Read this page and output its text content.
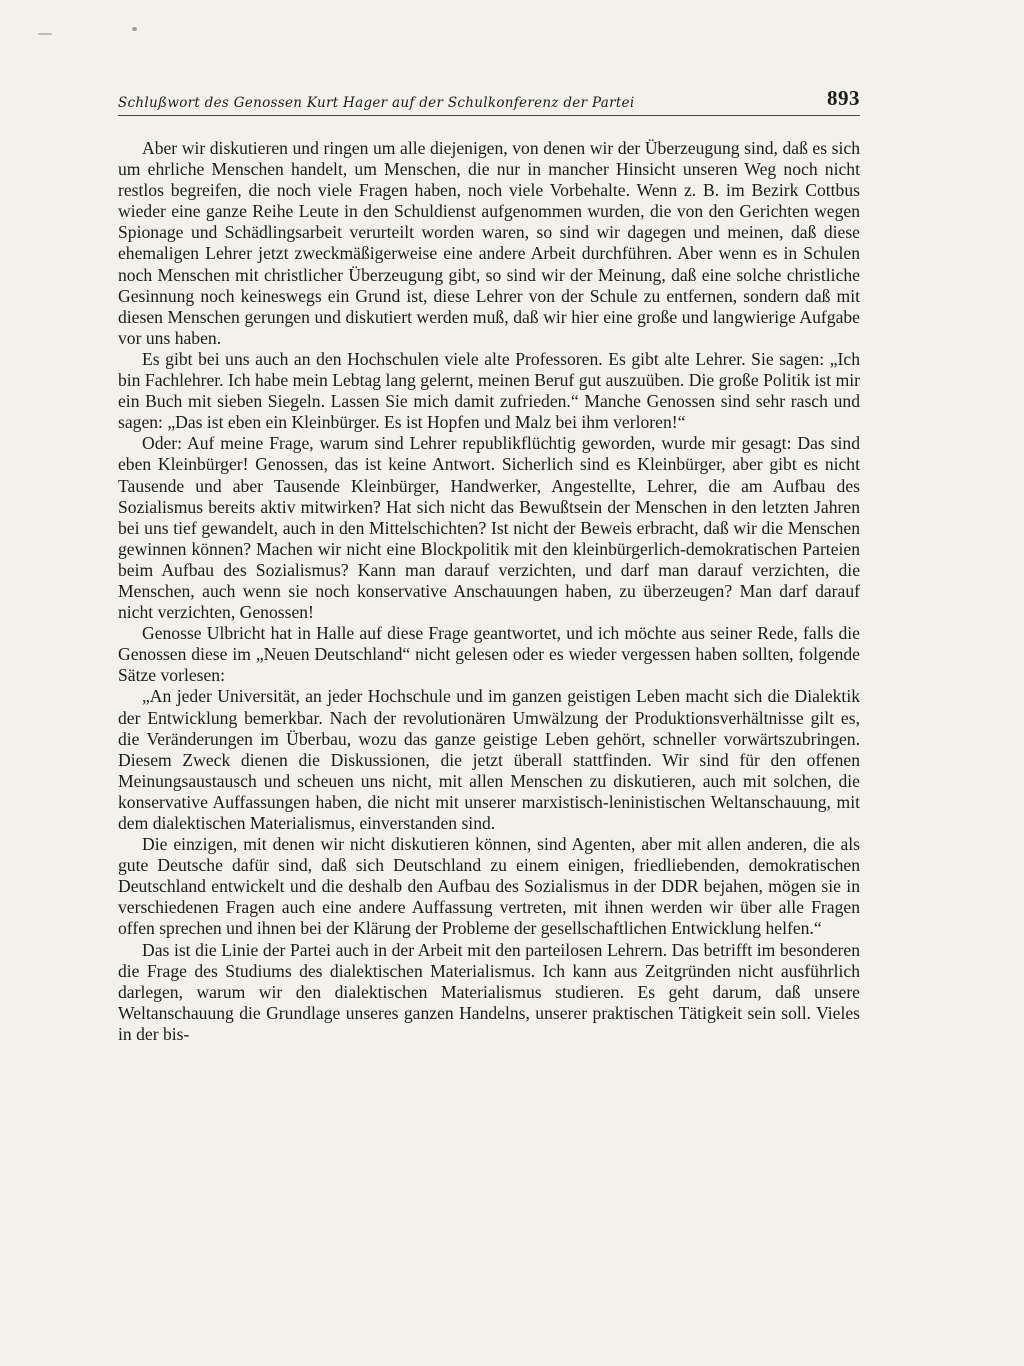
Schlußwort des Genossen Kurt Hager auf der Schulkonferenz der Partei	893

Aber wir diskutieren und ringen um alle diejenigen, von denen wir der Überzeugung sind, daß es sich um ehrliche Menschen handelt, um Menschen, die nur in mancher Hinsicht unseren Weg noch nicht restlos begreifen, die noch viele Fragen haben, noch viele Vorbehalte. Wenn z. B. im Bezirk Cottbus wieder eine ganze Reihe Leute in den Schuldienst aufgenommen wurden, die von den Gerichten wegen Spionage und Schädlingsarbeit verurteilt worden waren, so sind wir dagegen und meinen, daß diese ehemaligen Lehrer jetzt zweckmäßigerweise eine andere Arbeit durchführen. Aber wenn es in Schulen noch Menschen mit christlicher Überzeugung gibt, so sind wir der Meinung, daß eine solche christliche Gesinnung noch keineswegs ein Grund ist, diese Lehrer von der Schule zu entfernen, sondern daß mit diesen Menschen gerungen und diskutiert werden muß, daß wir hier eine große und langwierige Aufgabe vor uns haben.

Es gibt bei uns auch an den Hochschulen viele alte Professoren. Es gibt alte Lehrer. Sie sagen: „Ich bin Fachlehrer. Ich habe mein Lebtag lang gelernt, meinen Beruf gut auszuüben. Die große Politik ist mir ein Buch mit sieben Siegeln. Lassen Sie mich damit zufrieden.“ Manche Genossen sind sehr rasch und sagen: „Das ist eben ein Kleinbürger. Es ist Hopfen und Malz bei ihm verloren!“

Oder: Auf meine Frage, warum sind Lehrer republikflüchtig geworden, wurde mir gesagt: Das sind eben Kleinbürger! Genossen, das ist keine Antwort. Sicherlich sind es Kleinbürger, aber gibt es nicht Tausende und aber Tausende Kleinbürger, Handwerker, Angestellte, Lehrer, die am Aufbau des Sozialismus bereits aktiv mitwirken? Hat sich nicht das Bewußtsein der Menschen in den letzten Jahren bei uns tief gewandelt, auch in den Mittelschichten? Ist nicht der Beweis erbracht, daß wir die Menschen gewinnen können? Machen wir nicht eine Blockpolitik mit den kleinbürgerlich-demokratischen Parteien beim Aufbau des Sozialismus? Kann man darauf verzichten, und darf man darauf verzichten, die Menschen, auch wenn sie noch konservative Anschauungen haben, zu überzeugen? Man darf darauf nicht verzichten, Genossen!

Genosse Ulbricht hat in Halle auf diese Frage geantwortet, und ich möchte aus seiner Rede, falls die Genossen diese im „Neuen Deutschland“ nicht gelesen oder es wieder vergessen haben sollten, folgende Sätze vorlesen:

„An jeder Universität, an jeder Hochschule und im ganzen geistigen Leben macht sich die Dialektik der Entwicklung bemerkbar. Nach der revolutionären Umwälzung der Produktionsverhältnisse gilt es, die Veränderungen im Überbau, wozu das ganze geistige Leben gehört, schneller vorwärtszubringen. Diesem Zweck dienen die Diskussionen, die jetzt überall stattfinden. Wir sind für den offenen Meinungsaustausch und scheuen uns nicht, mit allen Menschen zu diskutieren, auch mit solchen, die konservative Auffassungen haben, die nicht mit unserer marxistisch-leninistischen Weltanschauung, mit dem dialektischen Materialismus, einverstanden sind.

Die einzigen, mit denen wir nicht diskutieren können, sind Agenten, aber mit allen anderen, die als gute Deutsche dafür sind, daß sich Deutschland zu einem einigen, friedliebenden, demokratischen Deutschland entwickelt und die deshalb den Aufbau des Sozialismus in der DDR bejahen, mögen sie in verschiedenen Fragen auch eine andere Auffassung vertreten, mit ihnen werden wir über alle Fragen offen sprechen und ihnen bei der Klärung der Probleme der gesellschaftlichen Entwicklung helfen.“

Das ist die Linie der Partei auch in der Arbeit mit den parteilosen Lehrern. Das betrifft im besonderen die Frage des Studiums des dialektischen Materialismus. Ich kann aus Zeitgründen nicht ausführlich darlegen, warum wir den dialektischen Materialismus studieren. Es geht darum, daß unsere Weltanschauung die Grundlage unseres ganzen Handelns, unserer praktischen Tätigkeit sein soll. Vieles in der bis-
